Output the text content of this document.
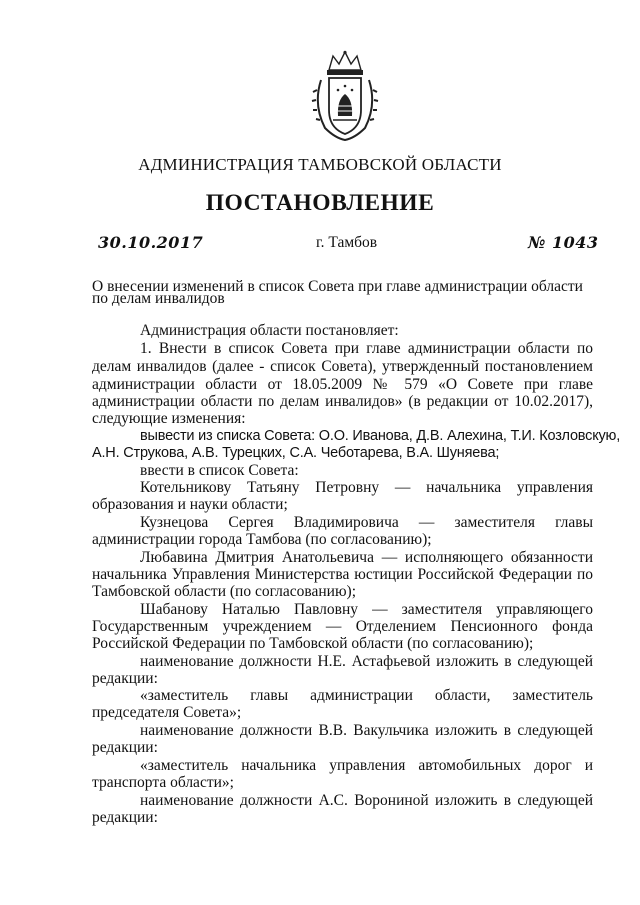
АДМИНИСТРАЦИЯ ТАМБОВСКОЙ ОБЛАСТИ
ПОСТАНОВЛЕНИЕ
30.10.2017	г. Тамбов	№ 1043
О внесении изменений в список Совета при главе администрации области
по делам инвалидов
Администрация области постановляет:
1. Внести в список Совета при главе администрации области по
делам инвалидов (далее - список Совета), утвержденный постановлением
администрации области от 18.05.2009 № 579 «О Совете при главе
администрации области по делам инвалидов» (в редакции от 10.02.2017),
следующие изменения:
вывести из списка Совета: О.О. Иванова, Д.В. Алехина, Т.И. Козловскую,
А.Н. Струкова, А.В. Турецких, С.А. Чеботарева, В.А. Шуняева;
ввести в список Совета:
Котельникову Татьяну Петровну — начальника управления
образования и науки области;
Кузнецова Сергея Владимировича — заместителя главы
администрации города Тамбова (по согласованию);
Любавина Дмитрия Анатольевича — исполняющего обязанности
начальника Управления Министерства юстиции Российской Федерации по
Тамбовской области (по согласованию);
Шабанову Наталью Павловну — заместителя управляющего
Государственным учреждением — Отделением Пенсионного фонда
Российской Федерации по Тамбовской области (по согласованию);
наименование должности Н.Е. Астафьевой изложить в следующей
редакции:
«заместитель главы администрации области, заместитель
председателя Совета»;
наименование должности В.В. Вакульчика изложить в следующей
редакции:
«заместитель начальника управления автомобильных дорог и
транспорта области»;
наименование должности А.С. Ворониной изложить в следующей
редакции:
